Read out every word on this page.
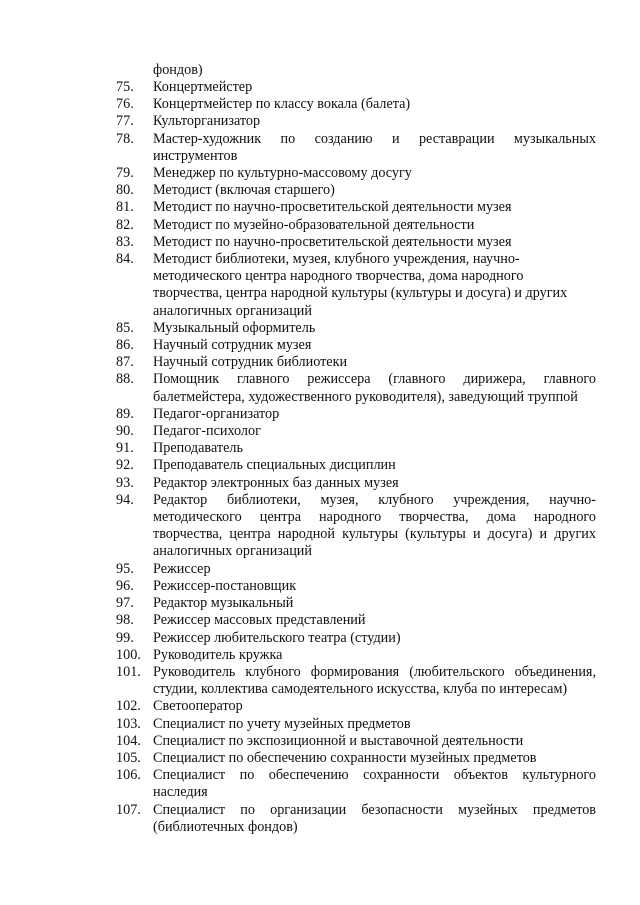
фондов)

75.	Концертмейстер
76.	Концертмейстер по классу вокала (балета)
77.	Культорганизатор
78.	Мастер-художник по созданию и реставрации музыкальных инструментов
79.	Менеджер по культурно-массовому досугу
80.	Методист (включая старшего)
81.	Методист по научно-просветительской деятельности музея
82.	Методист по музейно-образовательной деятельности
83.	Методист по научно-просветительской деятельности музея
84.	Методист библиотеки, музея, клубного учреждения, научно-методического центра народного творчества, дома народного творчества, центра народной культуры (культуры и досуга) и других аналогичных организаций
85.	Музыкальный оформитель
86.	Научный сотрудник музея
87.	Научный сотрудник библиотеки
88.	Помощник главного режиссера (главного дирижера, главного балетмейстера, художественного руководителя), заведующий труппой
89.	Педагог-организатор
90.	Педагог-психолог
91.	Преподаватель
92.	Преподаватель специальных дисциплин
93.	Редактор электронных баз данных музея
94.	Редактор библиотеки, музея, клубного учреждения, научно-методического центра народного творчества, дома народного творчества, центра народной культуры (культуры и досуга) и других аналогичных организаций
95.	Режиссер
96.	Режиссер-постановщик
97.	Редактор музыкальный
98.	Режиссер массовых представлений
99.	Режиссер любительского театра (студии)
100. Руководитель кружка
101. Руководитель клубного формирования (любительского объединения, студии, коллектива самодеятельного искусства, клуба по интересам)
102. Светооператор
103. Специалист по учету музейных предметов
104. Специалист по экспозиционной и выставочной деятельности
105. Специалист по обеспечению сохранности музейных предметов
106. Специалист по обеспечению сохранности объектов культурного наследия
107. Специалист по организации безопасности музейных предметов (библиотечных фондов)
